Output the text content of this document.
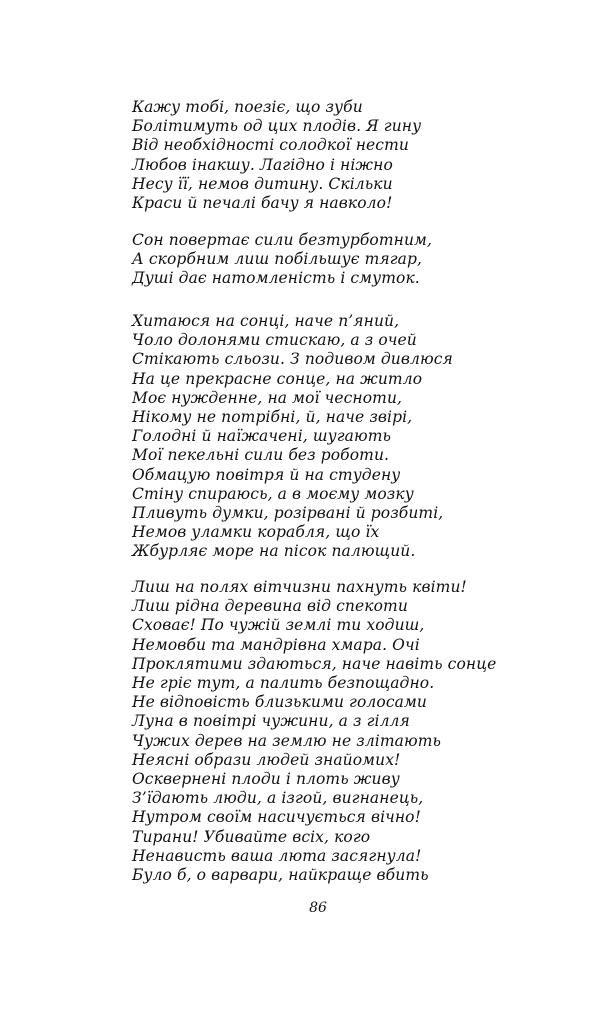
Кажу тобі, поезіє, що зуби
Болітимуть од цих плодів. Я гину
Від необхідності солодкої нести
Любов інакшу. Лагідно і ніжно
Несу її, немов дитину. Скільки
Краси й печалі бачу я навколо!
Сон повертає сили безтурботним,
А скорбним лиш побільшує тягар,
Душі дає натомленість і смуток.
Хитаюся на сонці, наче п’яний,
Чоло долонями стискаю, а з очей
Стікають сльози. З подивом дивлюся
На це прекрасне сонце, на житло
Моє нужденне, на мої чесноти,
Нікому не потрібні, й, наче звірі,
Голодні й наїжачені, шугають
Мої пекельні сили без роботи.
Обмацую повітря й на студену
Стіну спираюсь, а в моєму мозку
Пливуть думки, розірвані й розбиті,
Немов уламки корабля, що їх
Жбурляє море на пісок палющий.
Лиш на полях вітчизни пахнуть квіти!
Лиш рідна деревина від спекоти
Сховає! По чужій землі ти ходиш,
Немовби та мандрівна хмара. Очі
Проклятими здаються, наче навіть сонце
Не гріє тут, а палить безпощадно.
Не відповість близькими голосами
Луна в повітрі чужини, а з гілля
Чужих дерев на землю не злітають
Неясні образи людей знайомих!
Осквернені плоди і плоть живу
З’їдають люди, а ізгой, вигнанець,
Нутром своїм насичується вічно!
Тирани! Убивайте всіх, кого
Ненависть ваша люта засягнула!
Було б, о варвари, найкраще вбить
86
